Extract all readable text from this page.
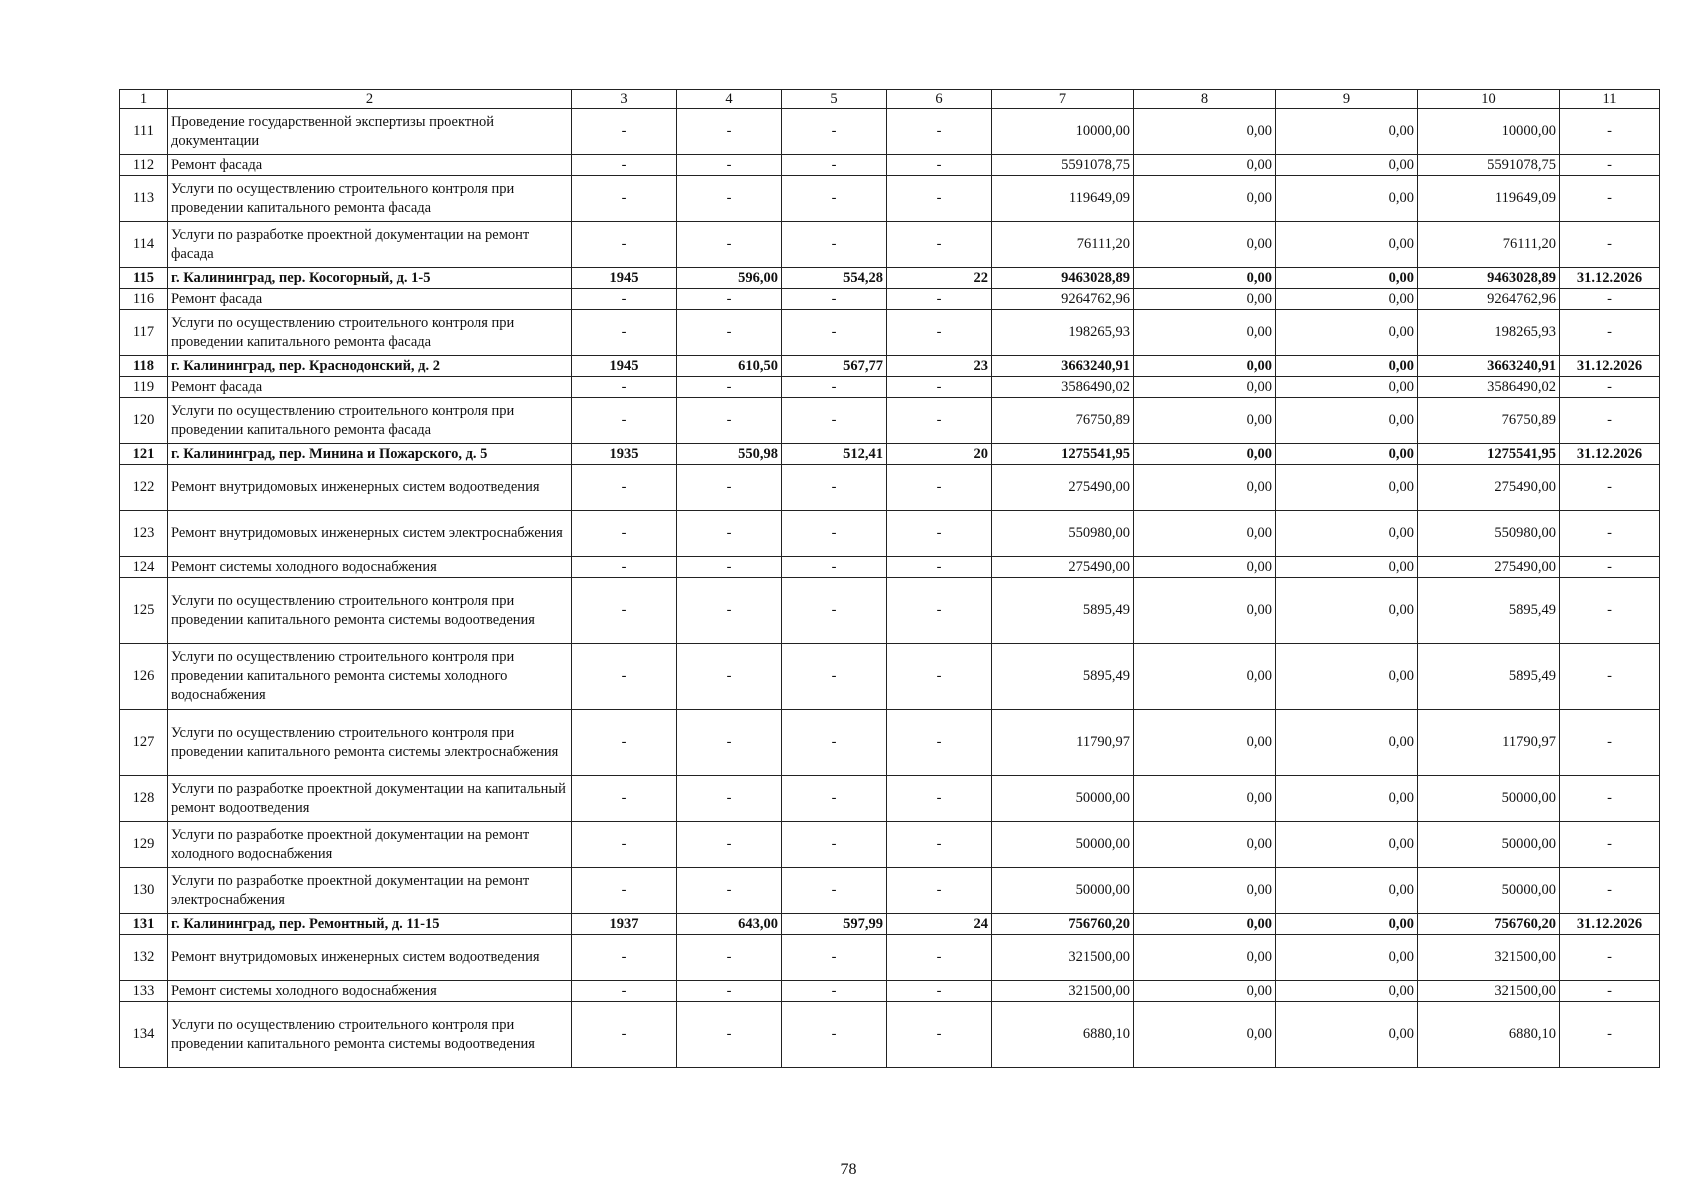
1	2	3	4	5	6	7	8	9	10	11
111	Проведение государственной экспертизы проектной документации	-	-	-	-	10000,00	0,00	0,00	10000,00	-
112	Ремонт фасада	-	-	-	-	5591078,75	0,00	0,00	5591078,75	-
113	Услуги по осуществлению строительного контроля при проведении капитального ремонта фасада	-	-	-	-	119649,09	0,00	0,00	119649,09	-
114	Услуги по разработке проектной документации на ремонт фасада	-	-	-	-	76111,20	0,00	0,00	76111,20	-
115	г. Калининград, пер. Косогорный, д. 1-5	1945	596,00	554,28	22	9463028,89	0,00	0,00	9463028,89	31.12.2026
116	Ремонт фасада	-	-	-	-	9264762,96	0,00	0,00	9264762,96	-
117	Услуги по осуществлению строительного контроля при проведении капитального ремонта фасада	-	-	-	-	198265,93	0,00	0,00	198265,93	-
118	г. Калининград, пер. Краснодонский, д. 2	1945	610,50	567,77	23	3663240,91	0,00	0,00	3663240,91	31.12.2026
119	Ремонт фасада	-	-	-	-	3586490,02	0,00	0,00	3586490,02	-
120	Услуги по осуществлению строительного контроля при проведении капитального ремонта фасада	-	-	-	-	76750,89	0,00	0,00	76750,89	-
121	г. Калининград, пер. Минина и Пожарского, д. 5	1935	550,98	512,41	20	1275541,95	0,00	0,00	1275541,95	31.12.2026
122	Ремонт внутридомовых инженерных систем водоотведения	-	-	-	-	275490,00	0,00	0,00	275490,00	-
123	Ремонт внутридомовых инженерных систем электроснабжения	-	-	-	-	550980,00	0,00	0,00	550980,00	-
124	Ремонт системы холодного водоснабжения	-	-	-	-	275490,00	0,00	0,00	275490,00	-
125	Услуги по осуществлению строительного контроля при проведении капитального ремонта системы водоотведения	-	-	-	-	5895,49	0,00	0,00	5895,49	-
126	Услуги по осуществлению строительного контроля при проведении капитального ремонта системы холодного водоснабжения	-	-	-	-	5895,49	0,00	0,00	5895,49	-
127	Услуги по осуществлению строительного контроля при проведении капитального ремонта системы электроснабжения	-	-	-	-	11790,97	0,00	0,00	11790,97	-
128	Услуги по разработке проектной документации на капитальный ремонт водоотведения	-	-	-	-	50000,00	0,00	0,00	50000,00	-
129	Услуги по разработке проектной документации на ремонт холодного водоснабжения	-	-	-	-	50000,00	0,00	0,00	50000,00	-
130	Услуги по разработке проектной документации на ремонт электроснабжения	-	-	-	-	50000,00	0,00	0,00	50000,00	-
131	г. Калининград, пер. Ремонтный, д. 11-15	1937	643,00	597,99	24	756760,20	0,00	0,00	756760,20	31.12.2026
132	Ремонт внутридомовых инженерных систем водоотведения	-	-	-	-	321500,00	0,00	0,00	321500,00	-
133	Ремонт системы холодного водоснабжения	-	-	-	-	321500,00	0,00	0,00	321500,00	-
134	Услуги по осуществлению строительного контроля при проведении капитального ремонта системы водоотведения	-	-	-	-	6880,10	0,00	0,00	6880,10	-
78
